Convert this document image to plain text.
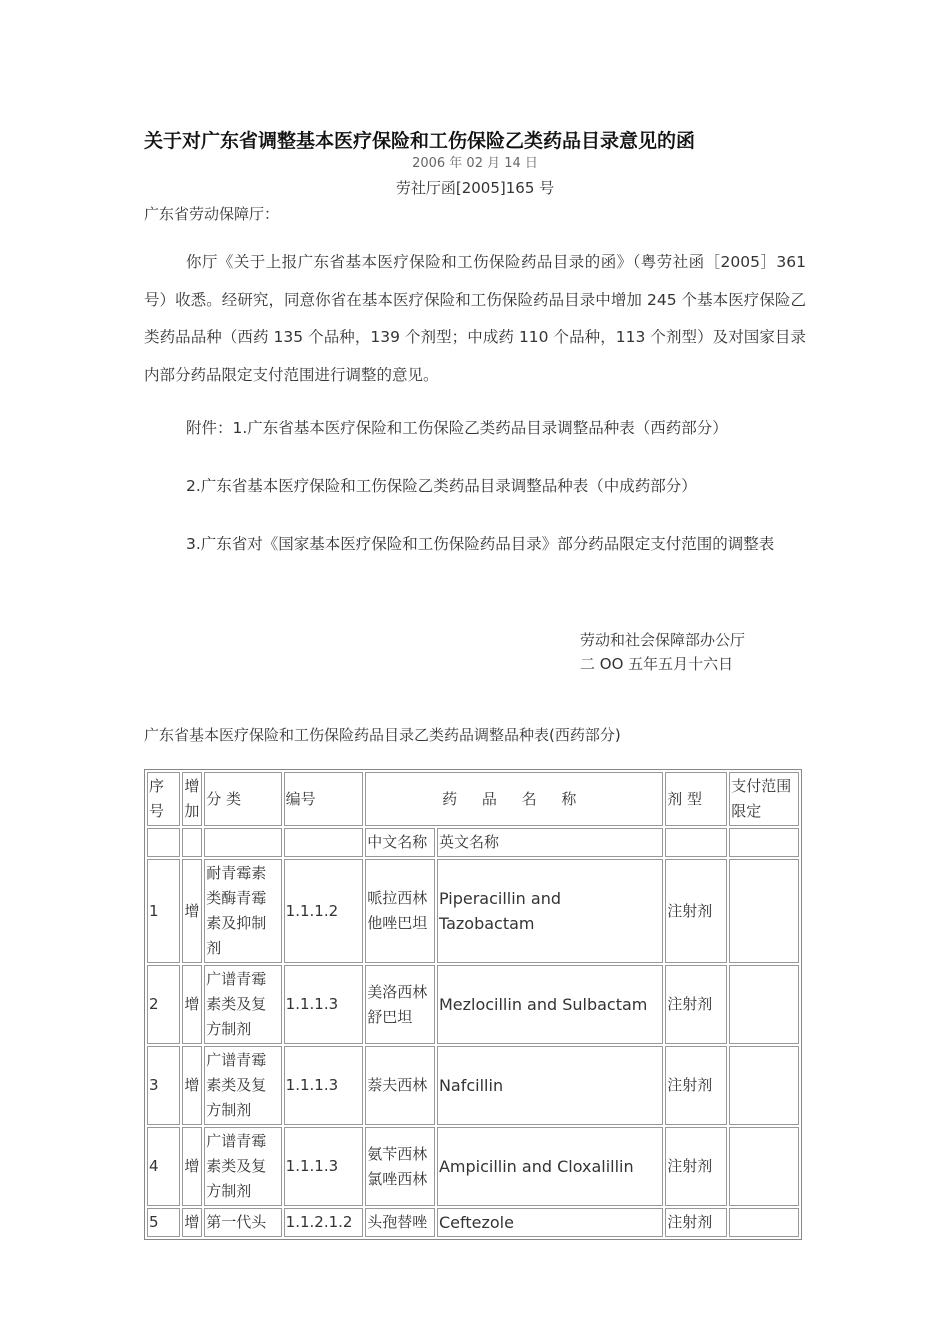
关于对广东省调整基本医疗保险和工伤保险乙类药品目录意见的函
2006 年 02 月 14 日
劳社厅函[2005]165 号
广东省劳动保障厅：
你厅《关于上报广东省基本医疗保险和工伤保险药品目录的函》（粤劳社函［2005］361 号）收悉。经研究，同意你省在基本医疗保险和工伤保险药品目录中增加 245 个基本医疗保险乙类药品品种（西药 135 个品种，139 个剂型；中成药 110 个品种，113 个剂型）及对国家目录内部分药品限定支付范围进行调整的意见。
附件：1.广东省基本医疗保险和工伤保险乙类药品目录调整品种表（西药部分）
2.广东省基本医疗保险和工伤保险乙类药品目录调整品种表（中成药部分）
3.广东省对《国家基本医疗保险和工伤保险药品目录》部分药品限定支付范围的调整表
劳动和社会保障部办公厅
二 OO 五年五月十六日
广东省基本医疗保险和工伤保险药品目录乙类药品调整品种表(西药部分)
序号	增加	分 类	编号	药 品 名 称		剂 型	支付范围限定
				中文名称	英文名称		
1	增	耐青霉素类酶青霉素及抑制剂	1.1.1.2	哌拉西林他唑巴坦	Piperacillin and Tazobactam	注射剂	
2	增	广谱青霉素类及复方制剂	1.1.1.3	美洛西林舒巴坦	Mezlocillin and Sulbactam	注射剂	
3	增	广谱青霉素类及复方制剂	1.1.1.3	萘夫西林	Nafcillin	注射剂	
4	增	广谱青霉素类及复方制剂	1.1.1.3	氨苄西林氯唑西林	Ampicillin and Cloxalillin	注射剂	
5	增	第一代头	1.1.2.1.2	头孢替唑	Ceftezole	注射剂	
